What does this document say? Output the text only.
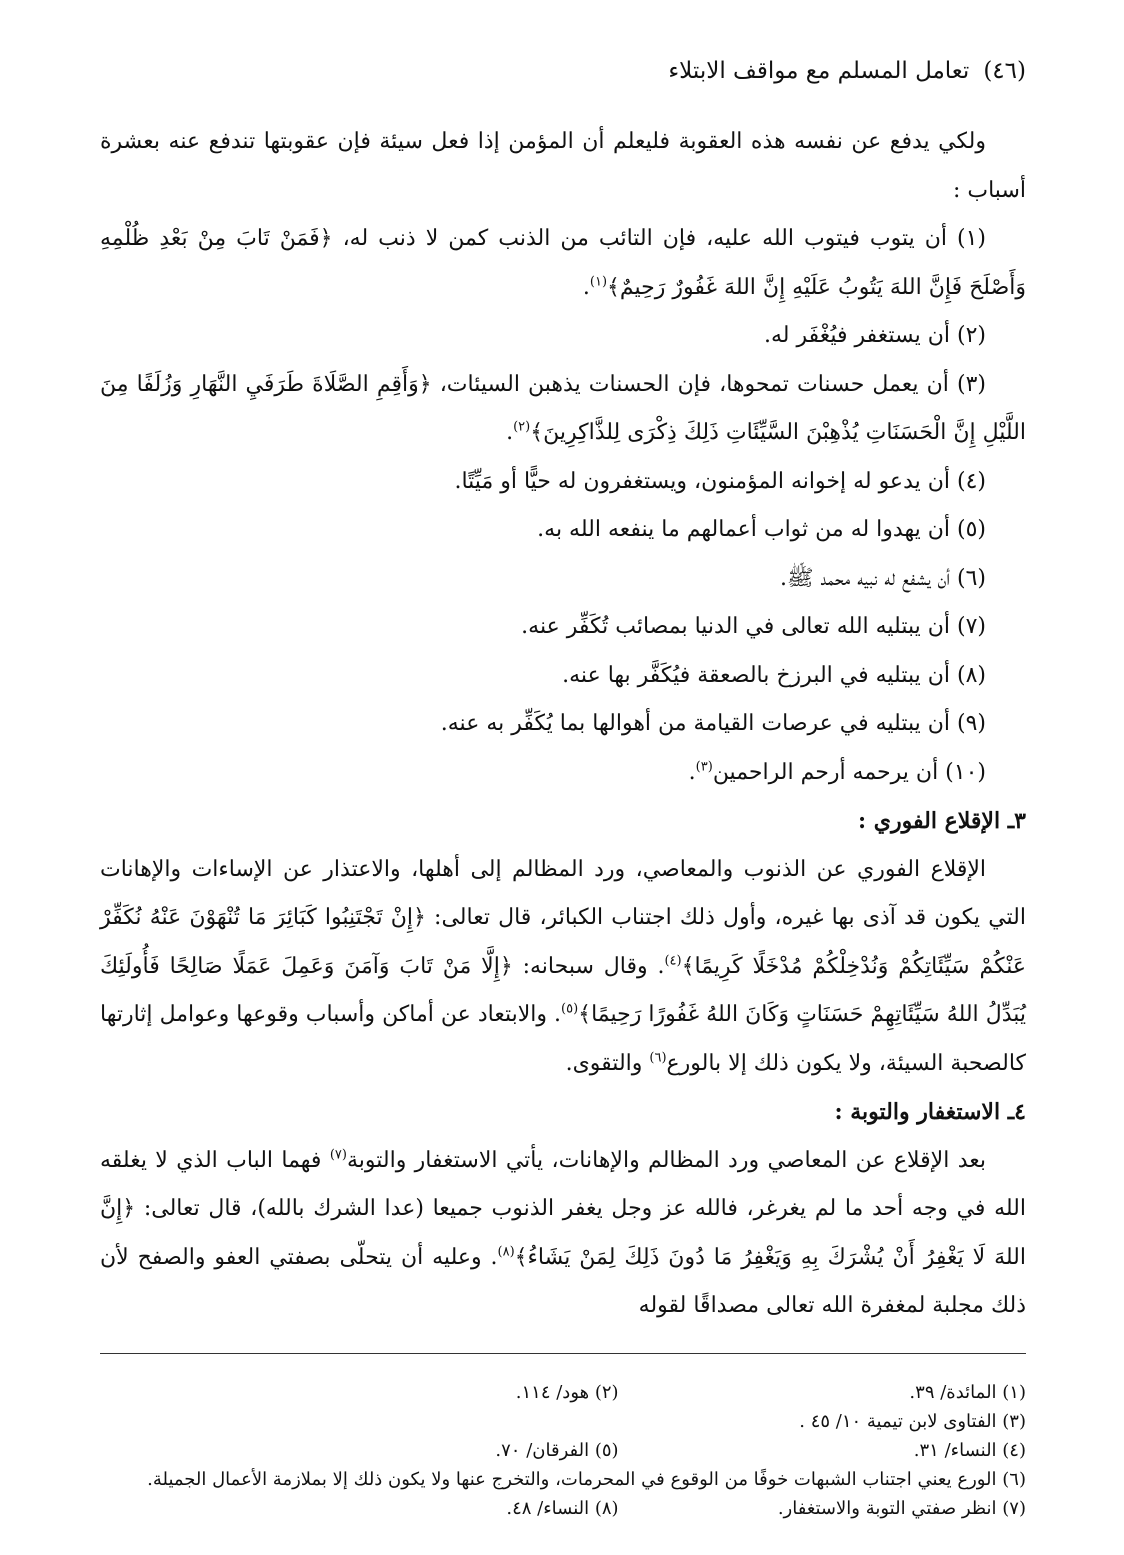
(٤٦)
تعامل المسلم مع مواقف الابتلاء

ولكي يدفع عن نفسه هذه العقوبة فليعلم أن المؤمن إذا فعل سيئة فإن عقوبتها تندفع عنه بعشرة أسباب :

(١) أن يتوب فيتوب الله عليه، فإن التائب من الذنب كمن لا ذنب له، ﴿فَمَنْ تَابَ مِنْ بَعْدِ ظُلْمِهِ وَأَصْلَحَ فَإِنَّ اللهَ يَتُوبُ عَلَيْهِ إِنَّ اللهَ غَفُورٌ رَحِيمٌ﴾$^{(١)}$.

(٢) أن يستغفر فيُغْفَر له.

(٣) أن يعمل حسنات تمحوها، فإن الحسنات يذهبن السيئات، ﴿وَأَقِمِ الصَّلَاةَ طَرَفَيِ النَّهَارِ وَزُلَفًا مِنَ اللَّيْلِ إِنَّ الْحَسَنَاتِ يُذْهِبْنَ السَّيِّئَاتِ ذَلِكَ ذِكْرَى لِلذَّاكِرِينَ﴾$^{(٢)}$.

(٤) أن يدعو له إخوانه المؤمنون، ويستغفرون له حيًّا أو مَيِّتًا.

(٥) أن يهدوا له من ثواب أعمالهم ما ينفعه الله به.

(٦) أن يشفع له نبيه محمد ﷺ.

(٧) أن يبتليه الله تعالى في الدنيا بمصائب تُكَفِّر عنه.

(٨) أن يبتليه في البرزخ بالصعقة فيُكَفَّر بها عنه.

(٩) أن يبتليه في عرصات القيامة من أهوالها بما يُكَفِّر به عنه.

(١٠) أن يرحمه أرحم الراحمين$^{(٣)}$.

٣ـ الإقلاع الفوري :

الإقلاع الفوري عن الذنوب والمعاصي، ورد المظالم إلى أهلها، والاعتذار عن الإساءات والإهانات التي يكون قد آذى بها غيره، وأول ذلك اجتناب الكبائر، قال تعالى: ﴿إِنْ تَجْتَنِبُوا كَبَائِرَ مَا تُنْهَوْنَ عَنْهُ نُكَفِّرْ عَنْكُمْ سَيِّئَاتِكُمْ وَنُدْخِلْكُمْ مُدْخَلًا كَرِيمًا﴾$^{(٤)}$. وقال سبحانه: ﴿إِلَّا مَنْ تَابَ وَآمَنَ وَعَمِلَ عَمَلًا صَالِحًا فَأُولَئِكَ يُبَدِّلُ اللهُ سَيِّئَاتِهِمْ حَسَنَاتٍ وَكَانَ اللهُ غَفُورًا رَحِيمًا﴾$^{(٥)}$. والابتعاد عن أماكن وأسباب وقوعها وعوامل إثارتها كالصحبة السيئة، ولا يكون ذلك إلا بالورع$^{(٦)}$ والتقوى.

٤ـ الاستغفار والتوبة :

بعد الإقلاع عن المعاصي ورد المظالم والإهانات، يأتي الاستغفار والتوبة$^{(٧)}$ فهما الباب الذي لا يغلقه الله في وجه أحد ما لم يغرغر، فالله عز وجل يغفر الذنوب جميعا (عدا الشرك بالله)، قال تعالى: ﴿إِنَّ اللهَ لَا يَغْفِرُ أَنْ يُشْرَكَ بِهِ وَيَغْفِرُ مَا دُونَ ذَلِكَ لِمَنْ يَشَاءُ﴾$^{(٨)}$. وعليه أن يتحلّى بصفتي العفو والصفح لأن ذلك مجلبة لمغفرة الله تعالى مصداقًا لقوله

(١) المائدة/ ٣٩.
(٢) هود/ ١١٤.
(٣) الفتاوى لابن تيمية ١٠/ ٤٥ .
(٤) النساء/ ٣١.
(٥) الفرقان/ ٧٠.
(٦) الورع يعني اجتناب الشبهات خوفًا من الوقوع في المحرمات، والتخرج عنها ولا يكون ذلك إلا بملازمة الأعمال الجميلة.
(٧) انظر صفتي التوبة والاستغفار.
(٨) النساء/ ٤٨.
